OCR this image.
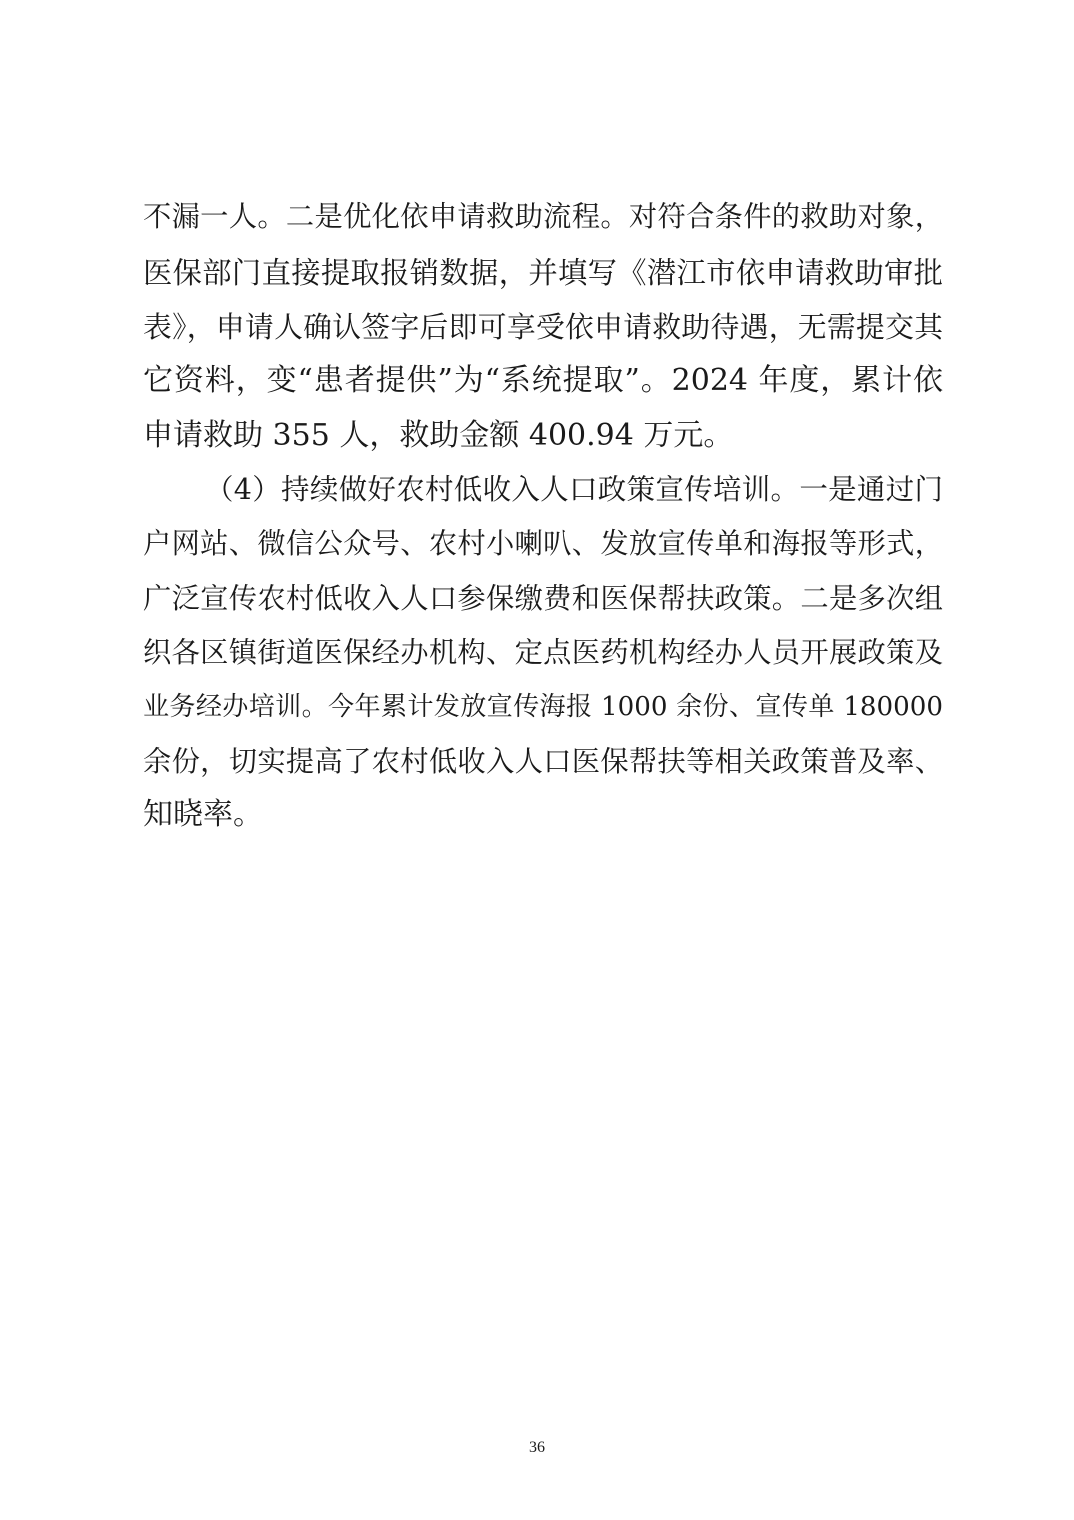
不漏一人。二是优化依申请救助流程。对符合条件的救助对象，
医保部门直接提取报销数据，并填写《潜江市依申请救助审批
表》，申请人确认签字后即可享受依申请救助待遇，无需提交其
它资料，变“患者提供”为“系统提取”。2024 年度，累计依
申请救助 355 人，救助金额 400.94 万元。
（4）持续做好农村低收入人口政策宣传培训。一是通过门
户网站、微信公众号、农村小喇叭、发放宣传单和海报等形式，
广泛宣传农村低收入人口参保缴费和医保帮扶政策。二是多次组
织各区镇街道医保经办机构、定点医药机构经办人员开展政策及
业务经办培训。今年累计发放宣传海报 1000 余份、宣传单 180000
余份，切实提高了农村低收入人口医保帮扶等相关政策普及率、
知晓率。
36
